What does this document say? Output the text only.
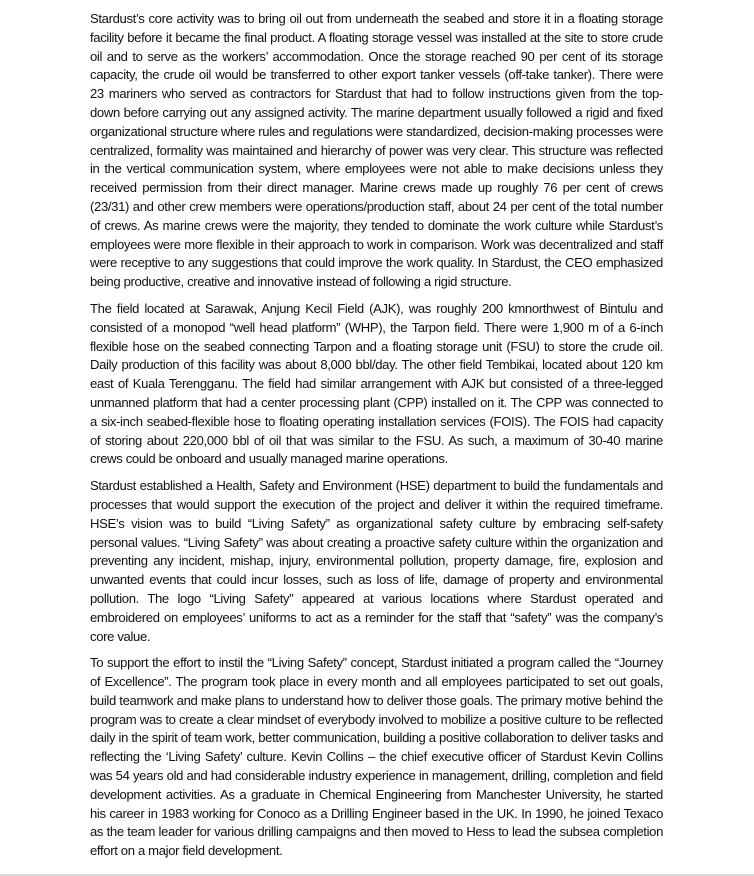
Stardust’s core activity was to bring oil out from underneath the seabed and store it in a floating storage facility before it became the final product. A floating storage vessel was installed at the site to store crude oil and to serve as the workers’ accommodation. Once the storage reached 90 per cent of its storage capacity, the crude oil would be transferred to other export tanker vessels (off-take tanker). There were 23 mariners who served as contractors for Stardust that had to follow instructions given from the top-down before carrying out any assigned activity. The marine department usually followed a rigid and fixed organizational structure where rules and regulations were standardized, decision-making processes were centralized, formality was maintained and hierarchy of power was very clear. This structure was reflected in the vertical communication system, where employees were not able to make decisions unless they received permission from their direct manager. Marine crews made up roughly 76 per cent of crews (23/31) and other crew members were operations/production staff, about 24 per cent of the total number of crews. As marine crews were the majority, they tended to dominate the work culture while Stardust’s employees were more flexible in their approach to work in comparison. Work was decentralized and staff were receptive to any suggestions that could improve the work quality. In Stardust, the CEO emphasized being productive, creative and innovative instead of following a rigid structure.

The field located at Sarawak, Anjung Kecil Field (AJK), was roughly 200 kmnorthwest of Bintulu and consisted of a monopod “well head platform” (WHP), the Tarpon field. There were 1,900 m of a 6-inch flexible hose on the seabed connecting Tarpon and a floating storage unit (FSU) to store the crude oil. Daily production of this facility was about 8,000 bbl/day. The other field Tembikai, located about 120 km east of Kuala Terengganu. The field had similar arrangement with AJK but consisted of a three-legged unmanned platform that had a center processing plant (CPP) installed on it. The CPP was connected to a six-inch seabed-flexible hose to floating operating installation services (FOIS). The FOIS had capacity of storing about 220,000 bbl of oil that was similar to the FSU. As such, a maximum of 30-40 marine crews could be onboard and usually managed marine operations.

Stardust established a Health, Safety and Environment (HSE) department to build the fundamentals and processes that would support the execution of the project and deliver it within the required timeframe. HSE’s vision was to build “Living Safety” as organizational safety culture by embracing self-safety personal values. “Living Safety” was about creating a proactive safety culture within the organization and preventing any incident, mishap, injury, environmental pollution, property damage, fire, explosion and unwanted events that could incur losses, such as loss of life, damage of property and environmental pollution. The logo “Living Safety” appeared at various locations where Stardust operated and embroidered on employees’ uniforms to act as a reminder for the staff that “safety” was the company’s core value.

To support the effort to instil the “Living Safety” concept, Stardust initiated a program called the “Journey of Excellence”. The program took place in every month and all employees participated to set out goals, build teamwork and make plans to understand how to deliver those goals. The primary motive behind the program was to create a clear mindset of everybody involved to mobilize a positive culture to be reflected daily in the spirit of team work, better communication, building a positive collaboration to deliver tasks and reflecting the ‘Living Safety’ culture. Kevin Collins – the chief executive officer of Stardust Kevin Collins was 54 years old and had considerable industry experience in management, drilling, completion and field development activities. As a graduate in Chemical Engineering from Manchester University, he started his career in 1983 working for Conoco as a Drilling Engineer based in the UK. In 1990, he joined Texaco as the team leader for various drilling campaigns and then moved to Hess to lead the subsea completion effort on a major field development.
